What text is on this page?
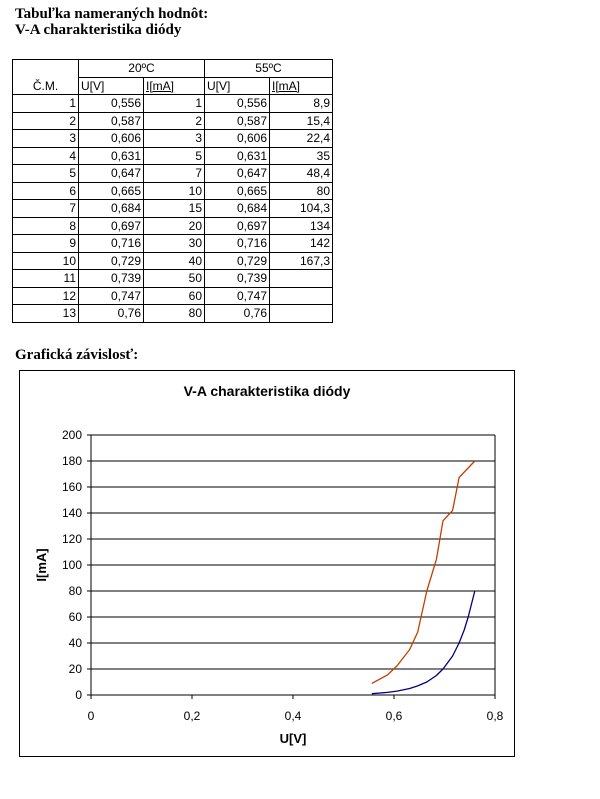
Tabuľka nameraných hodnôt:
V-A charakteristika diódy
	20ºC		55ºC	
Č.M.	U[V]	I[mA]	U[V]	I[mA]
1	0,556	1	0,556	8,9
2	0,587	2	0,587	15,4
3	0,606	3	0,606	22,4
4	0,631	5	0,631	35
5	0,647	7	0,647	48,4
6	0,665	10	0,665	80
7	0,684	15	0,684	104,3
8	0,697	20	0,697	134
9	0,716	30	0,716	142
10	0,729	40	0,729	167,3
11	0,739	50	0,739	
12	0,747	60	0,747	
13	0,76	80	0,76	
Grafická závislosť:
V-A charakteristika diódy
0
20
40
60
80
100
120
140
160
180
200
0	0,2	0,4	0,6	0,8
U[V]
I[mA]
